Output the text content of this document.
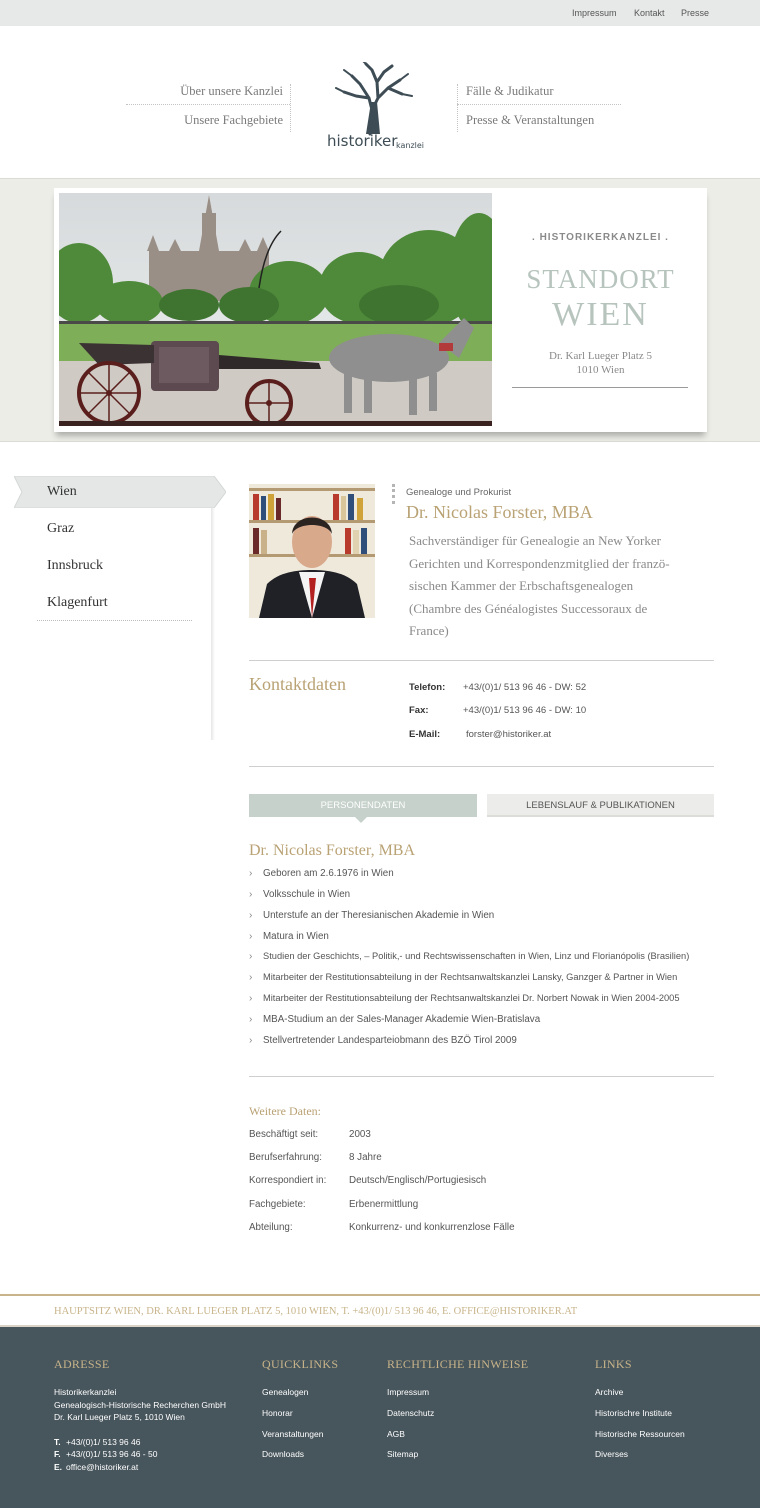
Impressum Kontakt Presse
Über unsere Kanzlei
Unsere Fachgebiete
Fälle & Judikatur
Presse & Veranstaltungen
historiker
kanzlei
. HISTORIKERKANZLEI .
STANDORT
WIEN
Dr. Karl Lueger Platz 5
1010 Wien
Wien
Graz
Innsbruck
Klagenfurt
Genealoge und Prokurist
Dr. Nicolas Forster, MBA
Sachverständiger für Genealogie an New Yorker
Gerichten und Korrespondenzmitglied der franzö-
sischen Kammer der Erbschaftsgenealogen
(Chambre des Généalogistes Successoraux de
France)
Kontaktdaten	Telefon: +43/(0)1/ 513 96 46 - DW: 52
Fax:	+43/(0)1/ 513 96 46 - DW: 10
E-Mail:	forster@historiker.at
PERSONENDATEN	LEBENSLAUF & PUBLIKATIONEN
Dr. Nicolas Forster, MBA
› Geboren am 2.6.1976 in Wien
› Volksschule in Wien
› Unterstufe an der Theresianischen Akademie in Wien
› Matura in Wien
› Studien der Geschichts, – Politik,- und Rechtswissenschaften in Wien, Linz und Florianópolis (Brasilien)
› Mitarbeiter der Restitutionsabteilung in der Rechtsanwaltskanzlei Lansky, Ganzger & Partner in Wien
› Mitarbeiter der Restitutionsabteilung der Rechtsanwaltskanzlei Dr. Norbert Nowak in Wien 2004-2005
› MBA-Studium an der Sales-Manager Akademie Wien-Bratislava
› Stellvertretender Landesparteiobmann des BZÖ Tirol 2009
Weitere Daten:
Beschäftigt seit:	2003
Berufserfahrung:	8 Jahre
Korrespondiert in: Deutsch/Englisch/Portugiesisch
Fachgebiete:	Erbenermittlung
Abteilung:	Konkurrenz- und konkurrenzlose Fälle
HAUPTSITZ WIEN, DR. KARL LUEGER PLATZ 5, 1010 WIEN, T. +43/(0)1/ 513 96 46, E. OFFICE@HISTORIKER.AT
ADRESSE
Historikerkanzlei
Genealogisch-Historische Recherchen GmbH
Dr. Karl Lueger Platz 5, 1010 Wien
T. +43/(0)1/ 513 96 46
F. +43/(0)1/ 513 96 46 - 50
E. office@historiker.at
QUICKLINKS
Genealogen
Honorar
Veranstaltungen
Downloads
RECHTLICHE HINWEISE
Impressum
Datenschutz
AGB
Sitemap
LINKS
Archive
Historischre Institute
Historische Ressourcen
Diverses
